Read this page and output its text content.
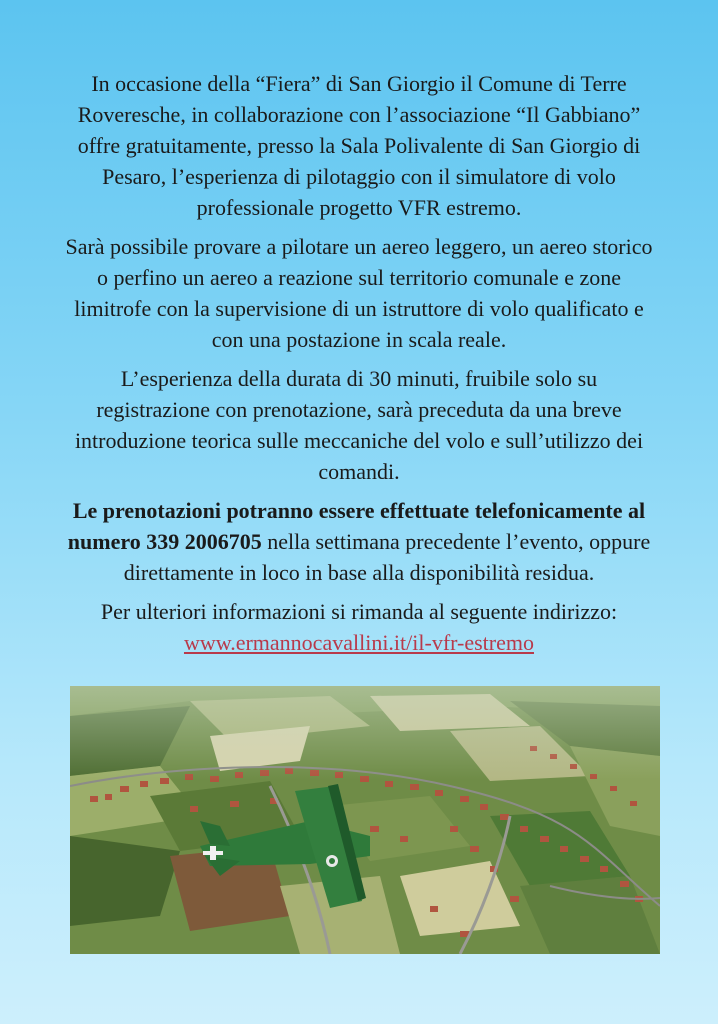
In occasione della “Fiera” di San Giorgio il Comune di Terre Roveresche, in collaborazione con l’associazione “Il Gabbiano” offre gratuitamente, presso la Sala Polivalente di San Giorgio di Pesaro, l’esperienza di pilotaggio con il simulatore di volo professionale progetto VFR estremo.

Sarà possibile provare a pilotare un aereo leggero, un aereo storico o perfino un aereo a reazione sul territorio comunale e zone limitrofe con la supervisione di un istruttore di volo qualificato e con una postazione in scala reale.

L’esperienza della durata di 30 minuti, fruibile solo su registrazione con prenotazione, sarà preceduta da una breve introduzione teorica sulle meccaniche del volo e sull’utilizzo dei comandi.

Le prenotazioni potranno essere effettuate telefonicamente al numero 339 2006705 nella settimana precedente l’evento, oppure direttamente in loco in base alla disponibilità residua.

Per ulteriori informazioni si rimanda al seguente indirizzo:
www.ermannocavallini.it/il-vfr-estremo
